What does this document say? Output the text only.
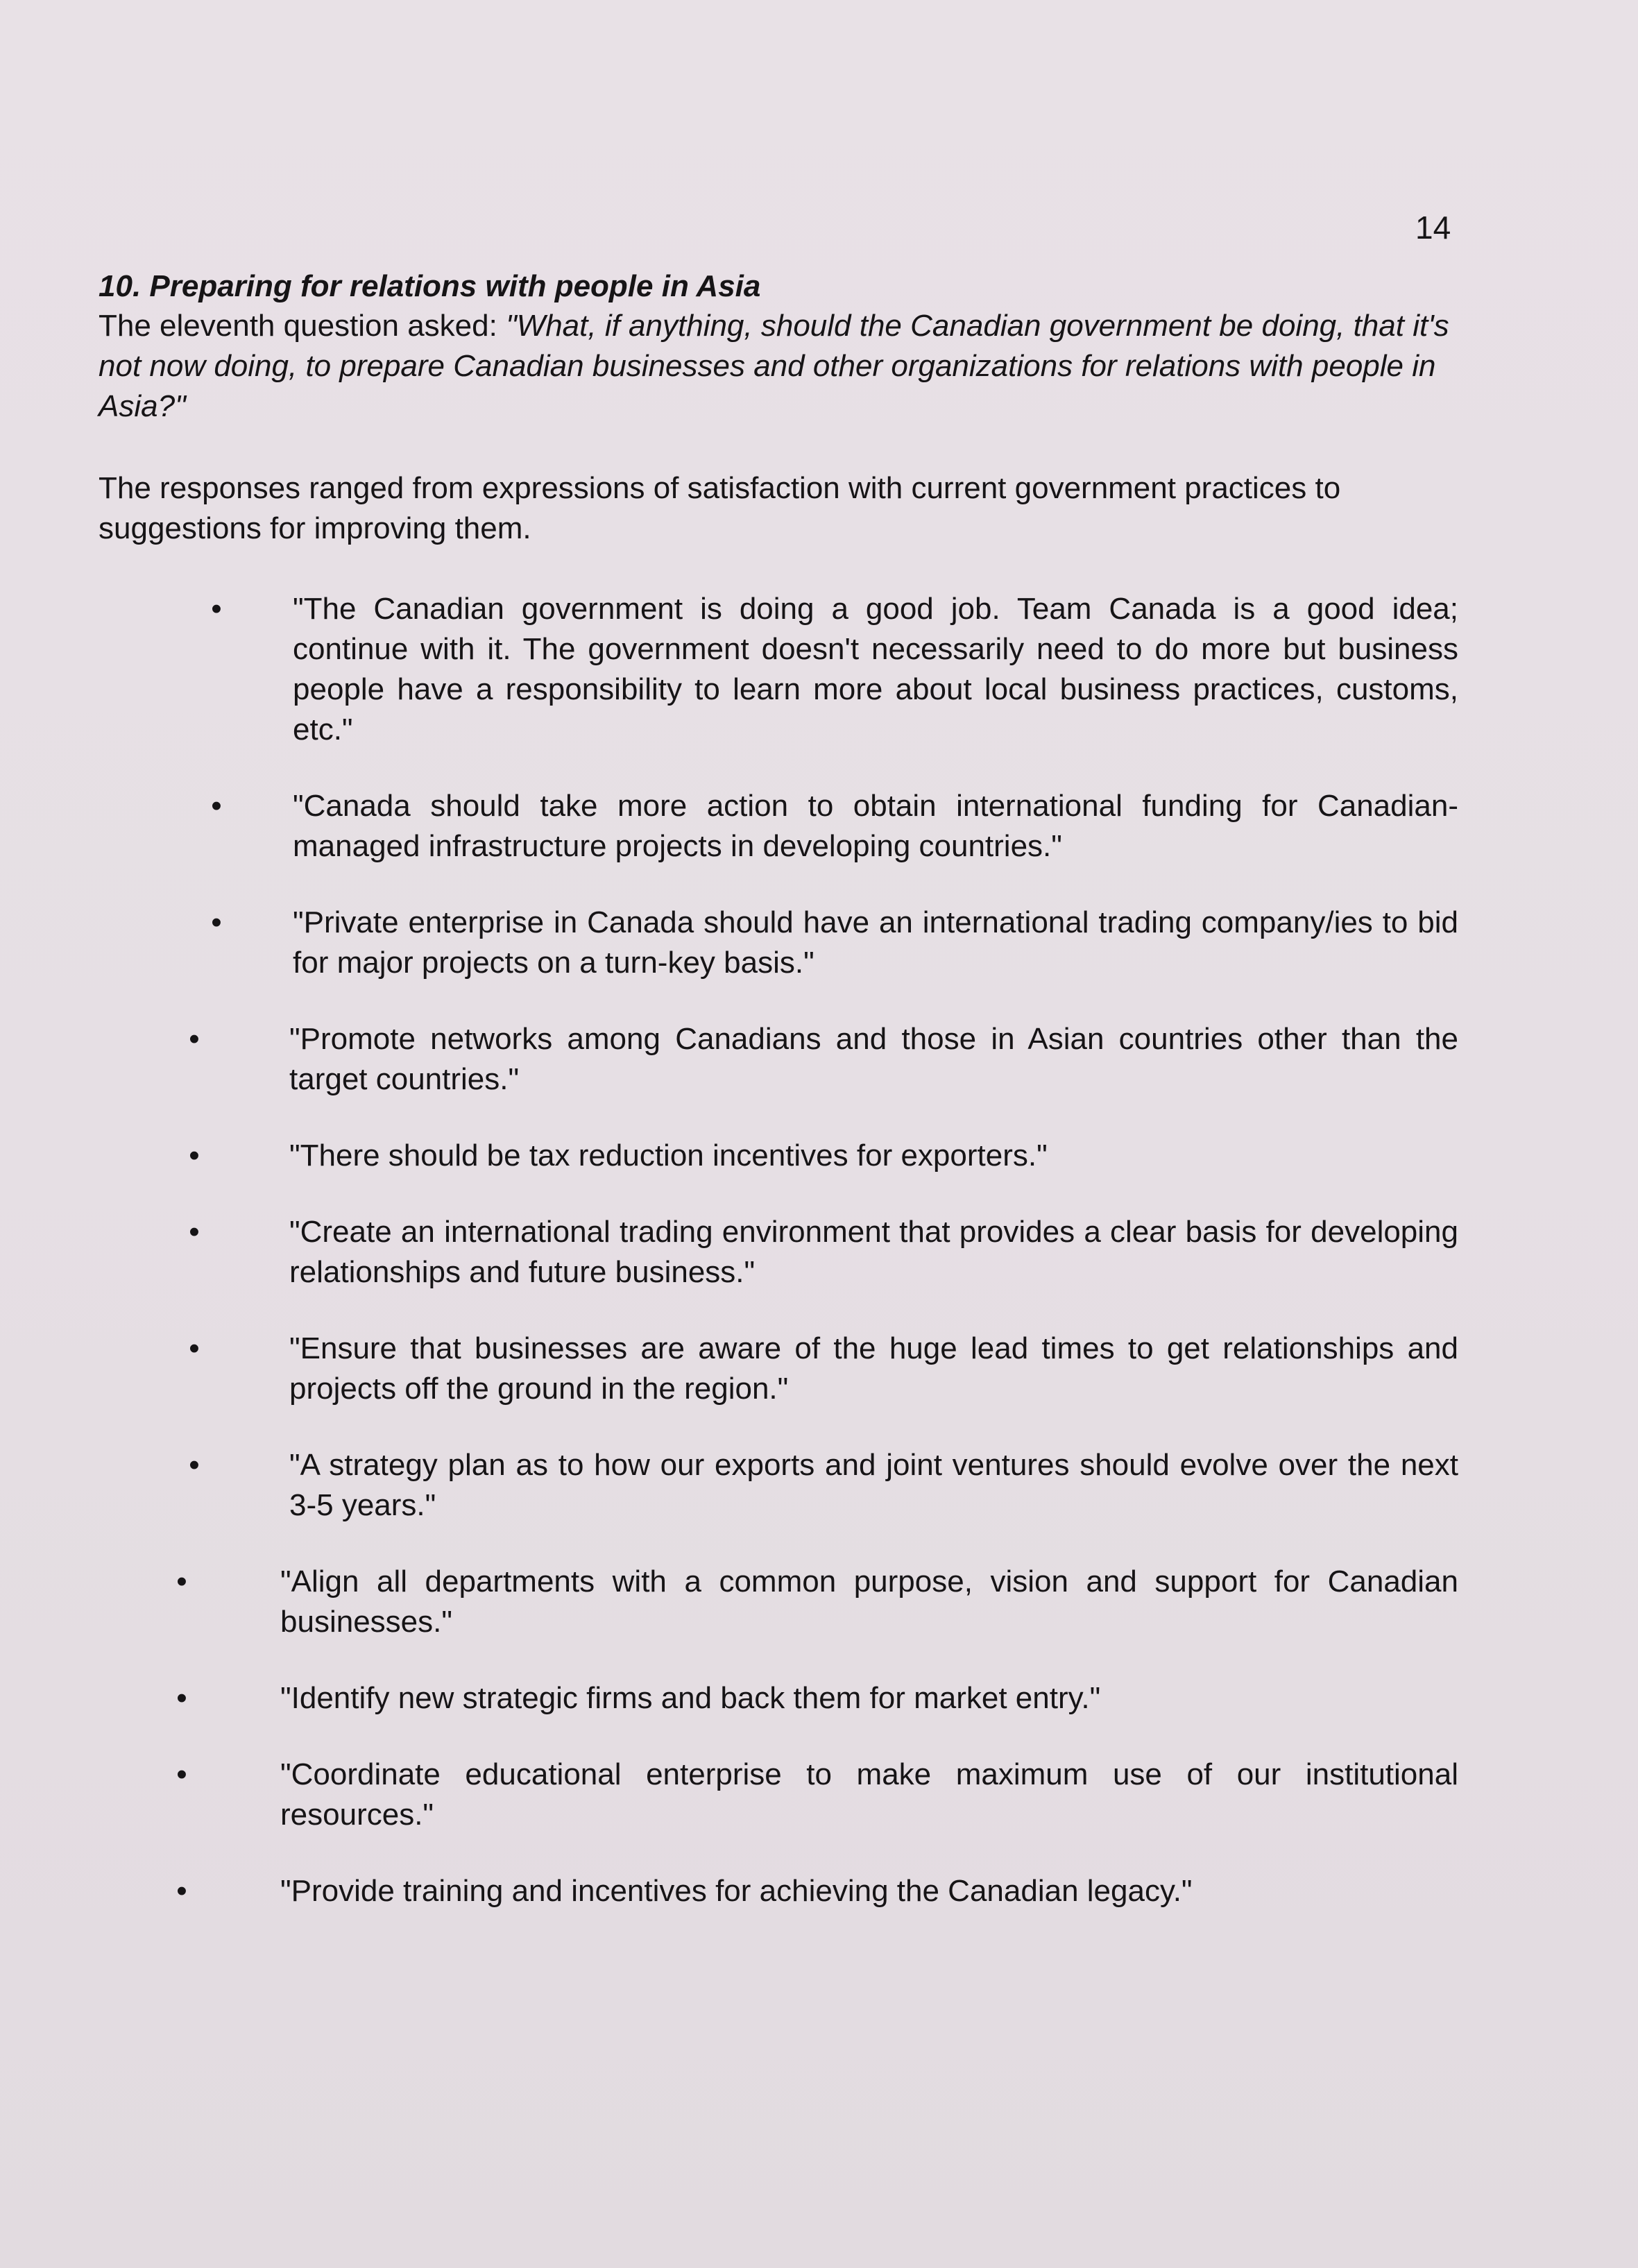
14
10. Preparing for relations with people in Asia

The eleventh question asked: "What, if anything, should the Canadian government be doing, that it's not now doing, to prepare Canadian businesses and other organizations for relations with people in Asia?"

The responses ranged from expressions of satisfaction with current government practices to suggestions for improving them.

• "The Canadian government is doing a good job. Team Canada is a good idea; continue with it. The government doesn't necessarily need to do more but business people have a responsibility to learn more about local business practices, customs, etc."
• "Canada should take more action to obtain international funding for Canadian-managed infrastructure projects in developing countries."
• "Private enterprise in Canada should have an international trading company/ies to bid for major projects on a turn-key basis."
•	"Promote networks among Canadians and those in Asian countries other than the target countries."
•	"There should be tax reduction incentives for exporters."
•	"Create an international trading environment that provides a clear basis for developing relationships and future business."
•	"Ensure that businesses are aware of the huge lead times to get relationships and projects off the ground in the region."
•	"A strategy plan as to how our exports and joint ventures should evolve over the next 3-5 years."
•	"Align all departments with a common purpose, vision and support for Canadian businesses."
•	"Identify new strategic firms and back them for market entry."
•	"Coordinate educational enterprise to make maximum use of our institutional resources."
•	"Provide training and incentives for achieving the Canadian legacy."
